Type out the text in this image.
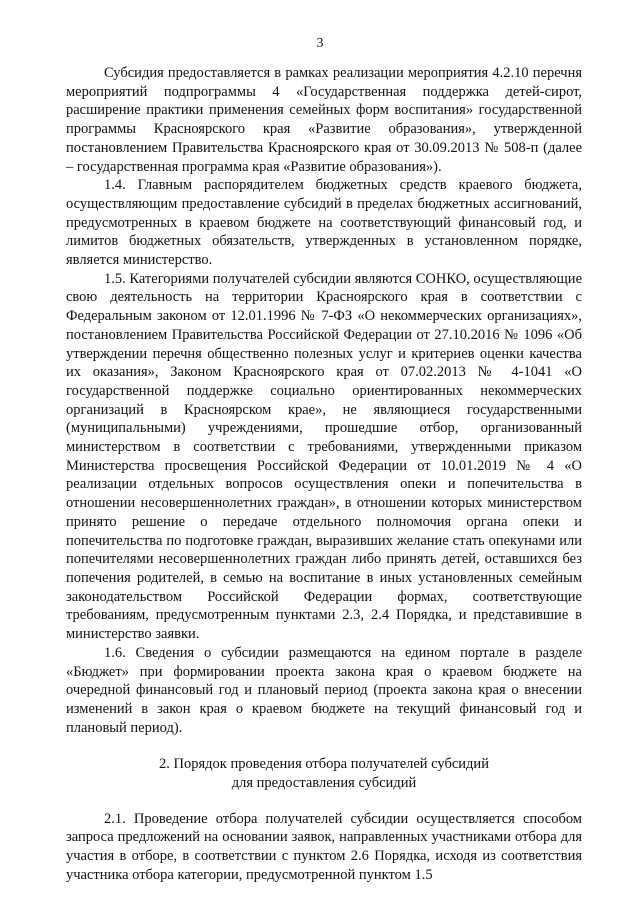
3

Субсидия предоставляется в рамках реализации мероприятия 4.2.10 перечня мероприятий подпрограммы 4 «Государственная поддержка детей-сирот, расширение практики применения семейных форм воспитания» государственной программы Красноярского края «Развитие образования», утвержденной постановлением Правительства Красноярского края от 30.09.2013 № 508-п (далее – государственная программа края «Развитие образования»).

1.4. Главным распорядителем бюджетных средств краевого бюджета, осуществляющим предоставление субсидий в пределах бюджетных ассигнований, предусмотренных в краевом бюджете на соответствующий финансовый год, и лимитов бюджетных обязательств, утвержденных в установленном порядке, является министерство.

1.5. Категориями получателей субсидии являются СОНКО, осуществляющие свою деятельность на территории Красноярского края в соответствии с Федеральным законом от 12.01.1996 № 7-ФЗ «О некоммерческих организациях», постановлением Правительства Российской Федерации от 27.10.2016 № 1096 «Об утверждении перечня общественно полезных услуг и критериев оценки качества их оказания», Законом Красноярского края от 07.02.2013 № 4-1041 «О государственной поддержке социально ориентированных некоммерческих организаций в Красноярском крае», не являющиеся государственными (муниципальными) учреждениями, прошедшие отбор, организованный министерством в соответствии с требованиями, утвержденными приказом Министерства просвещения Российской Федерации от 10.01.2019 № 4 «О реализации отдельных вопросов осуществления опеки и попечительства в отношении несовершеннолетних граждан», в отношении которых министерством принято решение о передаче отдельного полномочия органа опеки и попечительства по подготовке граждан, выразивших желание стать опекунами или попечителями несовершеннолетних граждан либо принять детей, оставшихся без попечения родителей, в семью на воспитание в иных установленных семейным законодательством Российской Федерации формах, соответствующие требованиям, предусмотренным пунктами 2.3, 2.4 Порядка, и представившие в министерство заявки.

1.6. Сведения о субсидии размещаются на едином портале в разделе «Бюджет» при формировании проекта закона края о краевом бюджете на очередной финансовый год и плановый период (проекта закона края о внесении изменений в закон края о краевом бюджете на текущий финансовый год и плановый период).

2. Порядок проведения отбора получателей субсидий
для предоставления субсидий

2.1. Проведение отбора получателей субсидии осуществляется способом запроса предложений на основании заявок, направленных участниками отбора для участия в отборе, в соответствии с пунктом 2.6 Порядка, исходя из соответствия участника отбора категории, предусмотренной пунктом 1.5
